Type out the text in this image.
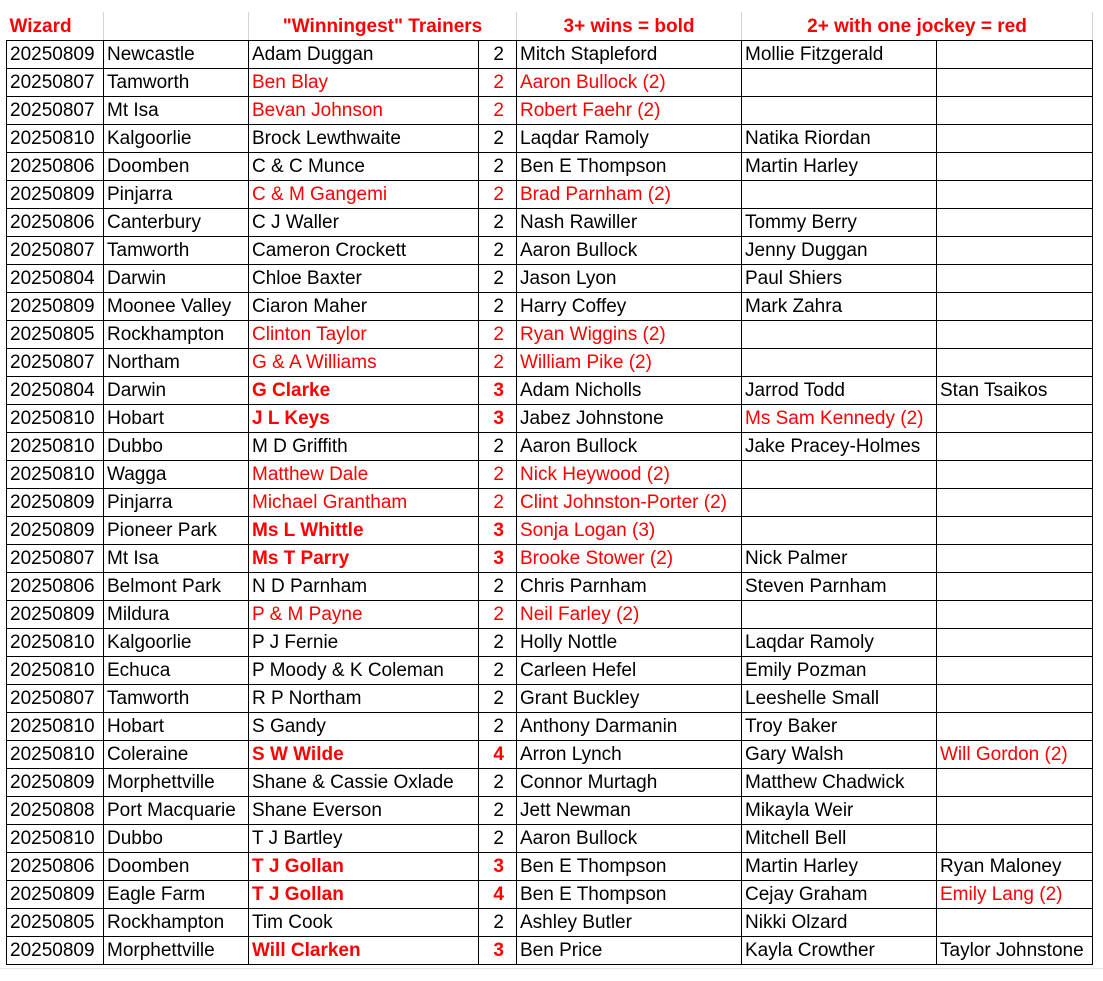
Wizard		"Winningest" Trainers		3+ wins = bold	2+ with one jockey = red	
20250809	Newcastle	Adam Duggan	2	Mitch Stapleford	Mollie Fitzgerald	
20250807	Tamworth	Ben Blay	2	Aaron Bullock (2)		
20250807	Mt Isa	Bevan Johnson	2	Robert Faehr (2)		
20250810	Kalgoorlie	Brock Lewthwaite	2	Laqdar Ramoly	Natika Riordan	
20250806	Doomben	C & C Munce	2	Ben E Thompson	Martin Harley	
20250809	Pinjarra	C & M Gangemi	2	Brad Parnham (2)		
20250806	Canterbury	C J Waller	2	Nash Rawiller	Tommy Berry	
20250807	Tamworth	Cameron Crockett	2	Aaron Bullock	Jenny Duggan	
20250804	Darwin	Chloe Baxter	2	Jason Lyon	Paul Shiers	
20250809	Moonee Valley	Ciaron Maher	2	Harry Coffey	Mark Zahra	
20250805	Rockhampton	Clinton Taylor	2	Ryan Wiggins (2)		
20250807	Northam	G & A Williams	2	William Pike (2)		
20250804	Darwin	G Clarke	3	Adam Nicholls	Jarrod Todd	Stan Tsaikos
20250810	Hobart	J L Keys	3	Jabez Johnstone	Ms Sam Kennedy (2)	
20250810	Dubbo	M D Griffith	2	Aaron Bullock	Jake Pracey-Holmes	
20250810	Wagga	Matthew Dale	2	Nick Heywood (2)		
20250809	Pinjarra	Michael Grantham	2	Clint Johnston-Porter (2)		
20250809	Pioneer Park	Ms L Whittle	3	Sonja Logan (3)		
20250807	Mt Isa	Ms T Parry	3	Brooke Stower (2)	Nick Palmer	
20250806	Belmont Park	N D Parnham	2	Chris Parnham	Steven Parnham	
20250809	Mildura	P & M Payne	2	Neil Farley (2)		
20250810	Kalgoorlie	P J Fernie	2	Holly Nottle	Laqdar Ramoly	
20250810	Echuca	P Moody & K Coleman	2	Carleen Hefel	Emily Pozman	
20250807	Tamworth	R P Northam	2	Grant Buckley	Leeshelle Small	
20250810	Hobart	S Gandy	2	Anthony Darmanin	Troy Baker	
20250810	Coleraine	S W Wilde	4	Arron Lynch	Gary Walsh	Will Gordon (2)
20250809	Morphettville	Shane & Cassie Oxlade	2	Connor Murtagh	Matthew Chadwick	
20250808	Port Macquarie	Shane Everson	2	Jett Newman	Mikayla Weir	
20250810	Dubbo	T J Bartley	2	Aaron Bullock	Mitchell Bell	
20250806	Doomben	T J Gollan	3	Ben E Thompson	Martin Harley	Ryan Maloney
20250809	Eagle Farm	T J Gollan	4	Ben E Thompson	Cejay Graham	Emily Lang (2)
20250805	Rockhampton	Tim Cook	2	Ashley Butler	Nikki Olzard	
20250809	Morphettville	Will Clarken	3	Ben Price	Kayla Crowther	Taylor Johnstone
